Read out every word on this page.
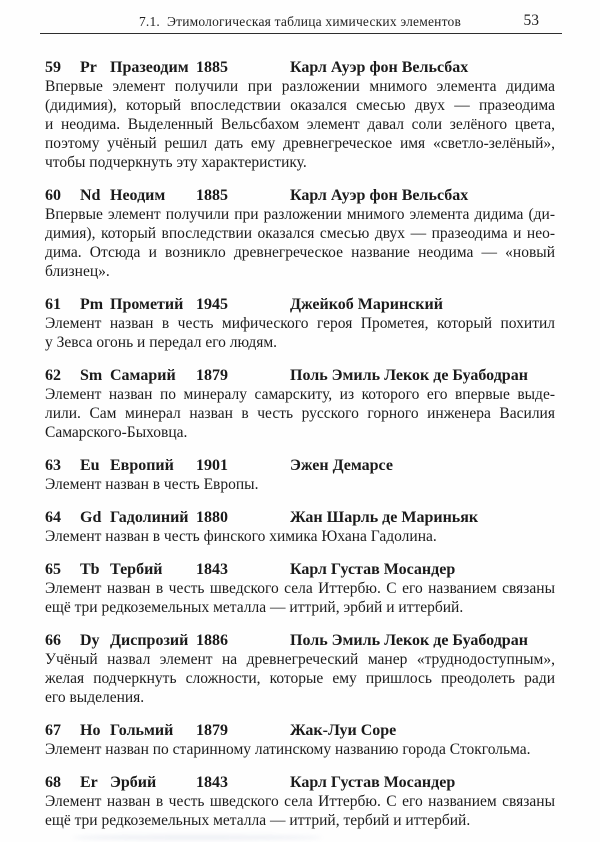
7.1. Этимологическая таблица химических элементов	53
59	Pr Празеодим 1885	Карл Ауэр фон Вельсбах
Впервые элемент получили при разложении мнимого элемента дидима
(дидимия), который впоследствии оказался смесью двух — празеодима
и неодима. Выделенный Вельсбахом элемент давал соли зелёного цвета,
поэтому учёный решил дать ему древнегреческое имя «светло-зелёный»,
чтобы подчеркнуть эту характеристику.
60	Nd Неодим	1885	Карл Ауэр фон Вельсбах
Впервые элемент получили при разложении мнимого элемента дидима (ди-
димия), который впоследствии оказался смесью двух — празеодима и нео-
дима. Отсюда и возникло древнегреческое название неодима — «новый
близнец».
61	Pm Прометий 1945	Джейкоб Маринский
Элемент назван в честь мифического героя Прометея, который похитил
у Зевса огонь и передал его людям.
62	Sm Самарий	1879	Поль Эмиль Лекок де Буабодран
Элемент назван по минералу самарскиту, из которого его впервые выде-
лили. Сам минерал назван в честь русского горного инженера Василия
Самарского-Быховца.
63	Eu Европий	1901	Эжен Демарсе
Элемент назван в честь Европы.
64	Gd Гадолиний 1880	Жан Шарль де Мариньяк
Элемент назван в честь финского химика Юхана Гадолина.
65	Tb Тербий	1843	Карл Густав Мосандер
Элемент назван в честь шведского села Иттербю. С его названием связаны
ещё три редкоземельных металла — иттрий, эрбий и иттербий.
66	Dy Диспрозий 1886	Поль Эмиль Лекок де Буабодран
Учёный назвал элемент на древнегреческий манер «труднодоступным»,
желая подчеркнуть сложности, которые ему пришлось преодолеть ради
его выделения.
67	Ho Гольмий	1879	Жак-Луи Соре
Элемент назван по старинному латинскому названию города Стокгольма.
68	Er Эрбий	1843	Карл Густав Мосандер
Элемент назван в честь шведского села Иттербю. С его названием связаны
ещё три редкоземельных металла — иттрий, тербий и иттербий.
